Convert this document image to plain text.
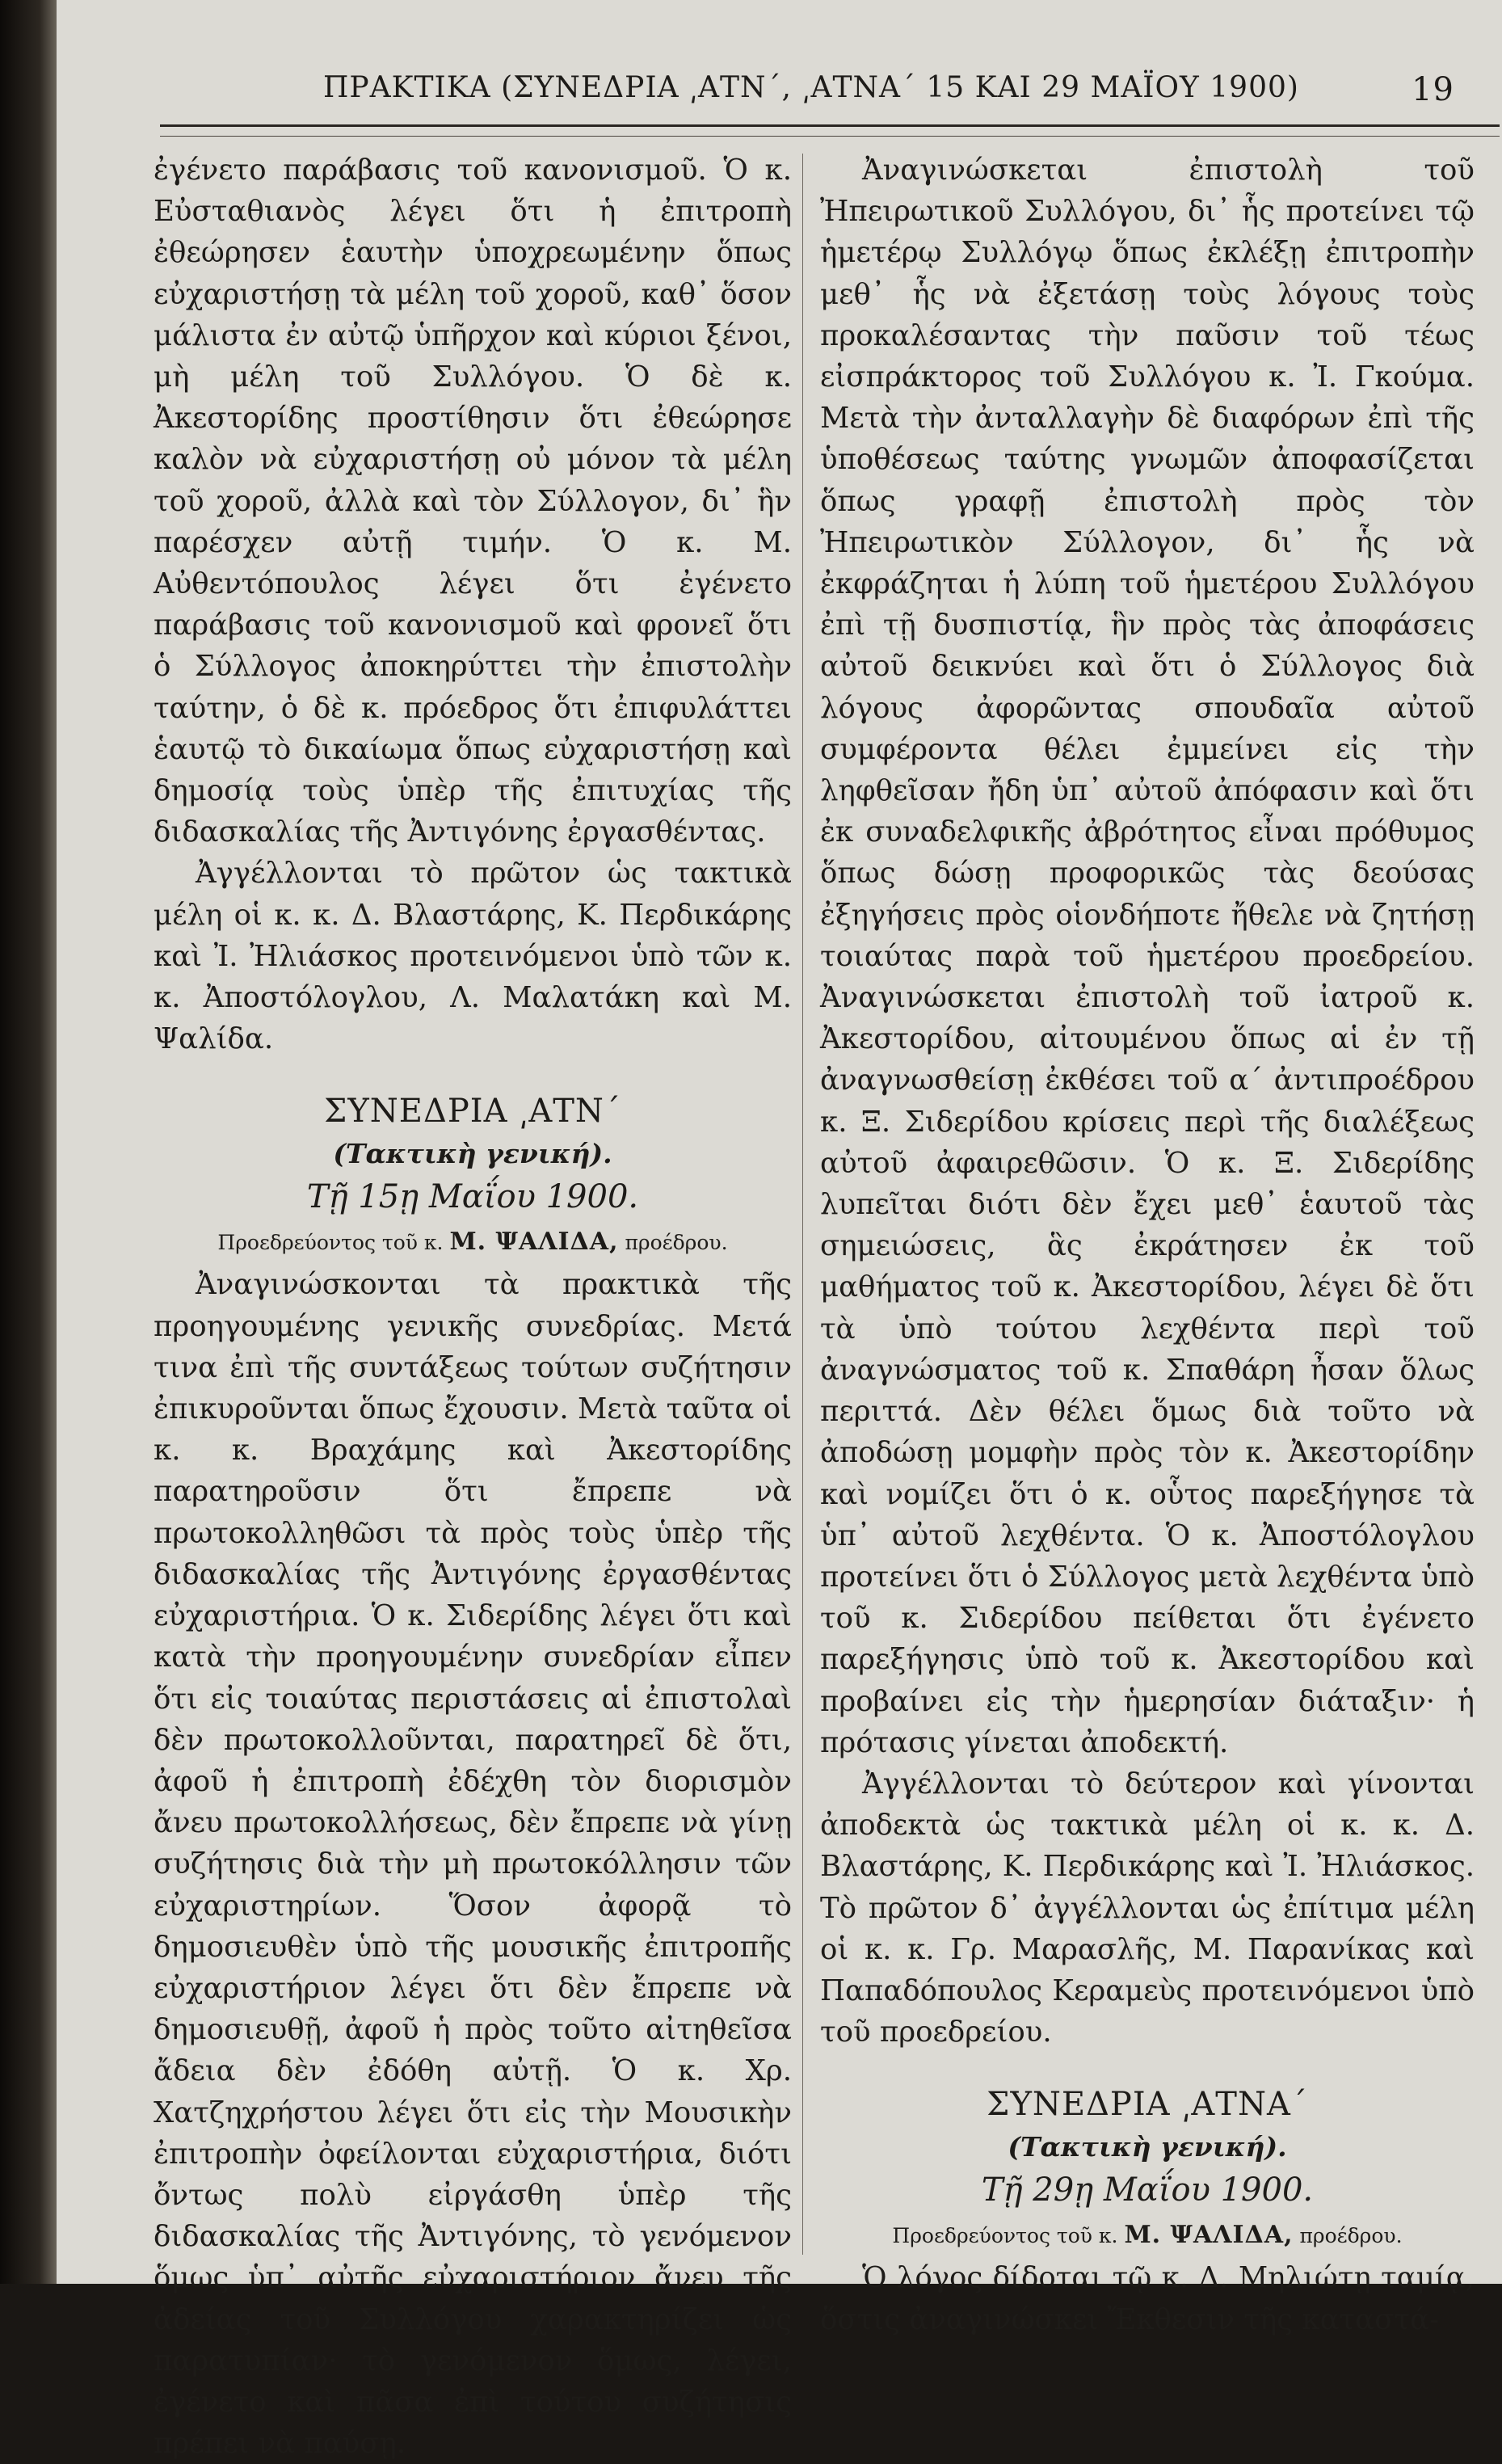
ΠΡΑΚΤΙΚΑ (ΣΥΝΕΔΡΙΑ ͵ΑΤΝ΄, ͵ΑΤΝΑ΄ 15 ΚΑΙ 29 ΜΑΪΟΥ 1900)	19

ἐγένετο παράβασις τοῦ κανονισμοῦ. Ὁ κ. Εὐσταθιανὸς λέγει ὅτι ἡ ἐπιτροπὴ ἐθεώρησεν ἑαυτὴν ὑποχρεωμένην ὅπως εὐχαριστήσῃ τὰ μέλη τοῦ χοροῦ, καθ᾿ ὅσον μάλιστα ἐν αὐτῷ ὑπῆρχον καὶ κύριοι ξένοι, μὴ μέλη τοῦ Συλλόγου. Ὁ δὲ κ. Ἀκεστορίδης προστίθησιν ὅτι ἐθεώρησε καλὸν νὰ εὐχαριστήσῃ οὐ μόνον τὰ μέλη τοῦ χοροῦ, ἀλλὰ καὶ τὸν Σύλλογον, δι᾿ ἣν παρέσχεν αὐτῇ τιμήν. Ὁ κ. Μ. Αὐθεντόπουλος λέγει ὅτι ἐγένετο παράβασις τοῦ κανονισμοῦ καὶ φρονεῖ ὅτι ὁ Σύλλογος ἀποκηρύττει τὴν ἐπιστολὴν ταύτην, ὁ δὲ κ. πρόεδρος ὅτι ἐπιφυλάττει ἑαυτῷ τὸ δικαίωμα ὅπως εὐχαριστήσῃ καὶ δημοσίᾳ τοὺς ὑπὲρ τῆς ἐπιτυχίας τῆς διδασκαλίας τῆς Ἀντιγόνης ἐργασθέντας.

Ἀγγέλλονται τὸ πρῶτον ὡς τακτικὰ μέλη οἱ κ. κ. Δ. Βλαστάρης, Κ. Περδικάρης καὶ Ἰ. Ἠλιάσκος προτεινόμενοι ὑπὸ τῶν κ. κ. Ἀποστόλογλου, Λ. Μαλατάκη καὶ Μ. Ψαλίδα.

ΣΥΝΕΔΡΙΑ ͵ΑΤΝ΄
(Τακτικὴ γενική).
Τῇ 15ῃ Μαΐου 1900.
Προεδρεύοντος τοῦ κ. Μ. ΨΑΛΙΔΑ, προέδρου.

Ἀναγινώσκονται τὰ πρακτικὰ τῆς προηγουμένης γενικῆς συνεδρίας. Μετά τινα ἐπὶ τῆς συντάξεως τούτων συζήτησιν ἐπικυροῦνται ὅπως ἔχουσιν. Μετὰ ταῦτα οἱ κ. κ. Βραχάμης καὶ Ἀκεστορίδης παρατηροῦσιν ὅτι ἔπρεπε νὰ πρωτοκολληθῶσι τὰ πρὸς τοὺς ὑπὲρ τῆς διδασκαλίας τῆς Ἀντιγόνης ἐργασθέντας εὐχαριστήρια. Ὁ κ. Σιδερίδης λέγει ὅτι καὶ κατὰ τὴν προηγουμένην συνεδρίαν εἶπεν ὅτι εἰς τοιαύτας περιστάσεις αἱ ἐπιστολαὶ δὲν πρωτοκολλοῦνται, παρατηρεῖ δὲ ὅτι, ἀφοῦ ἡ ἐπιτροπὴ ἐδέχθη τὸν διορισμὸν ἄνευ πρωτοκολλήσεως, δὲν ἔπρεπε νὰ γίνῃ συζήτησις διὰ τὴν μὴ πρωτοκόλλησιν τῶν εὐχαριστηρίων. Ὅσον ἀφορᾷ τὸ δημοσιευθὲν ὑπὸ τῆς μουσικῆς ἐπιτροπῆς εὐχαριστήριον λέγει ὅτι δὲν ἔπρεπε νὰ δημοσιευθῇ, ἀφοῦ ἡ πρὸς τοῦτο αἰτηθεῖσα ἄδεια δὲν ἐδόθη αὐτῇ. Ὁ κ. Χρ. Χατζηχρήστου λέγει ὅτι εἰς τὴν Μουσικὴν ἐπιτροπὴν ὀφείλονται εὐχαριστήρια, διότι ὄντως πολὺ εἰργάσθη ὑπὲρ τῆς διδασκαλίας τῆς Ἀντιγόνης, τὸ γενόμενον ὅμως ὑπ᾿ αὐτῆς εὐχαριστήριον ἄνευ τῆς ἀδείας τοῦ Συλλόγου χαρακτηρίζει ὡς παρατυπίαν· τὸ γενόμενον ὅμως, λέγει, ἐγένετο καὶ πᾶσα ἐπὶ τούτου συζήτησις πρέπει νὰ παύσῃ.

Ἀναγινώσκεται ἐπιστολὴ τοῦ Ἠπειρωτικοῦ Συλλόγου, δι᾿ ἧς προτείνει τῷ ἡμετέρῳ Συλλόγῳ ὅπως ἐκλέξῃ ἐπιτροπὴν μεθ᾿ ἧς νὰ ἐξετάσῃ τοὺς λόγους τοὺς προκαλέσαντας τὴν παῦσιν τοῦ τέως εἰσπράκτορος τοῦ Συλλόγου κ. Ἰ. Γκούμα. Μετὰ τὴν ἀνταλλαγὴν δὲ διαφόρων ἐπὶ τῆς ὑποθέσεως ταύτης γνωμῶν ἀποφασίζεται ὅπως γραφῇ ἐπιστολὴ πρὸς τὸν Ἠπειρωτικὸν Σύλλογον, δι᾿ ἧς νὰ ἐκφράζηται ἡ λύπη τοῦ ἡμετέρου Συλλόγου ἐπὶ τῇ δυσπιστίᾳ, ἣν πρὸς τὰς ἀποφάσεις αὐτοῦ δεικνύει καὶ ὅτι ὁ Σύλλογος διὰ λόγους ἀφορῶντας σπουδαῖα αὐτοῦ συμφέροντα θέλει ἐμμείνει εἰς τὴν ληφθεῖσαν ἤδη ὑπ᾿ αὐτοῦ ἀπόφασιν καὶ ὅτι ἐκ συναδελφικῆς ἀβρότητος εἶναι πρόθυμος ὅπως δώσῃ προφορικῶς τὰς δεούσας ἐξηγήσεις πρὸς οἱονδήποτε ἤθελε νὰ ζητήσῃ τοιαύτας παρὰ τοῦ ἡμετέρου προεδρείου. Ἀναγινώσκεται ἐπιστολὴ τοῦ ἰατροῦ κ. Ἀκεστορίδου, αἰτουμένου ὅπως αἱ ἐν τῇ ἀναγνωσθείσῃ ἐκθέσει τοῦ α΄ ἀντιπροέδρου κ. Ξ. Σιδερίδου κρίσεις περὶ τῆς διαλέξεως αὐτοῦ ἀφαιρεθῶσιν. Ὁ κ. Ξ. Σιδερίδης λυπεῖται διότι δὲν ἔχει μεθ᾿ ἑαυτοῦ τὰς σημειώσεις, ἃς ἐκράτησεν ἐκ τοῦ μαθήματος τοῦ κ. Ἀκεστορίδου, λέγει δὲ ὅτι τὰ ὑπὸ τούτου λεχθέντα περὶ τοῦ ἀναγνώσματος τοῦ κ. Σπαθάρη ἦσαν ὅλως περιττά. Δὲν θέλει ὅμως διὰ τοῦτο νὰ ἀποδώσῃ μομφὴν πρὸς τὸν κ. Ἀκεστορίδην καὶ νομίζει ὅτι ὁ κ. οὗτος παρεξήγησε τὰ ὑπ᾿ αὐτοῦ λεχθέντα. Ὁ κ. Ἀποστόλογλου προτείνει ὅτι ὁ Σύλλογος μετὰ λεχθέντα ὑπὸ τοῦ κ. Σιδερίδου πείθεται ὅτι ἐγένετο παρεξήγησις ὑπὸ τοῦ κ. Ἀκεστορίδου καὶ προβαίνει εἰς τὴν ἡμερησίαν διάταξιν· ἡ πρότασις γίνεται ἀποδεκτή.

Ἀγγέλλονται τὸ δεύτερον καὶ γίνονται ἀποδεκτὰ ὡς τακτικὰ μέλη οἱ κ. κ. Δ. Βλαστάρης, Κ. Περδικάρης καὶ Ἰ. Ἠλιάσκος. Τὸ πρῶτον δ᾿ ἀγγέλλονται ὡς ἐπίτιμα μέλη οἱ κ. κ. Γρ. Μαρασλῆς, Μ. Παρανίκας καὶ Παπαδόπουλος Κεραμεὺς προτεινόμενοι ὑπὸ τοῦ προεδρείου.

ΣΥΝΕΔΡΙΑ ͵ΑΤΝΑ΄
(Τακτικὴ γενική).
Τῇ 29ῃ Μαΐου 1900.
Προεδρεύοντος τοῦ κ. Μ. ΨΑΛΙΔΑ, προέδρου.

Ὁ λόγος δίδοται τῷ κ. Δ. Μηλιώτῃ ταμίᾳ, ὅστις ἀναγινώσκει Ἔκθεσιν τῆς καταστά-
